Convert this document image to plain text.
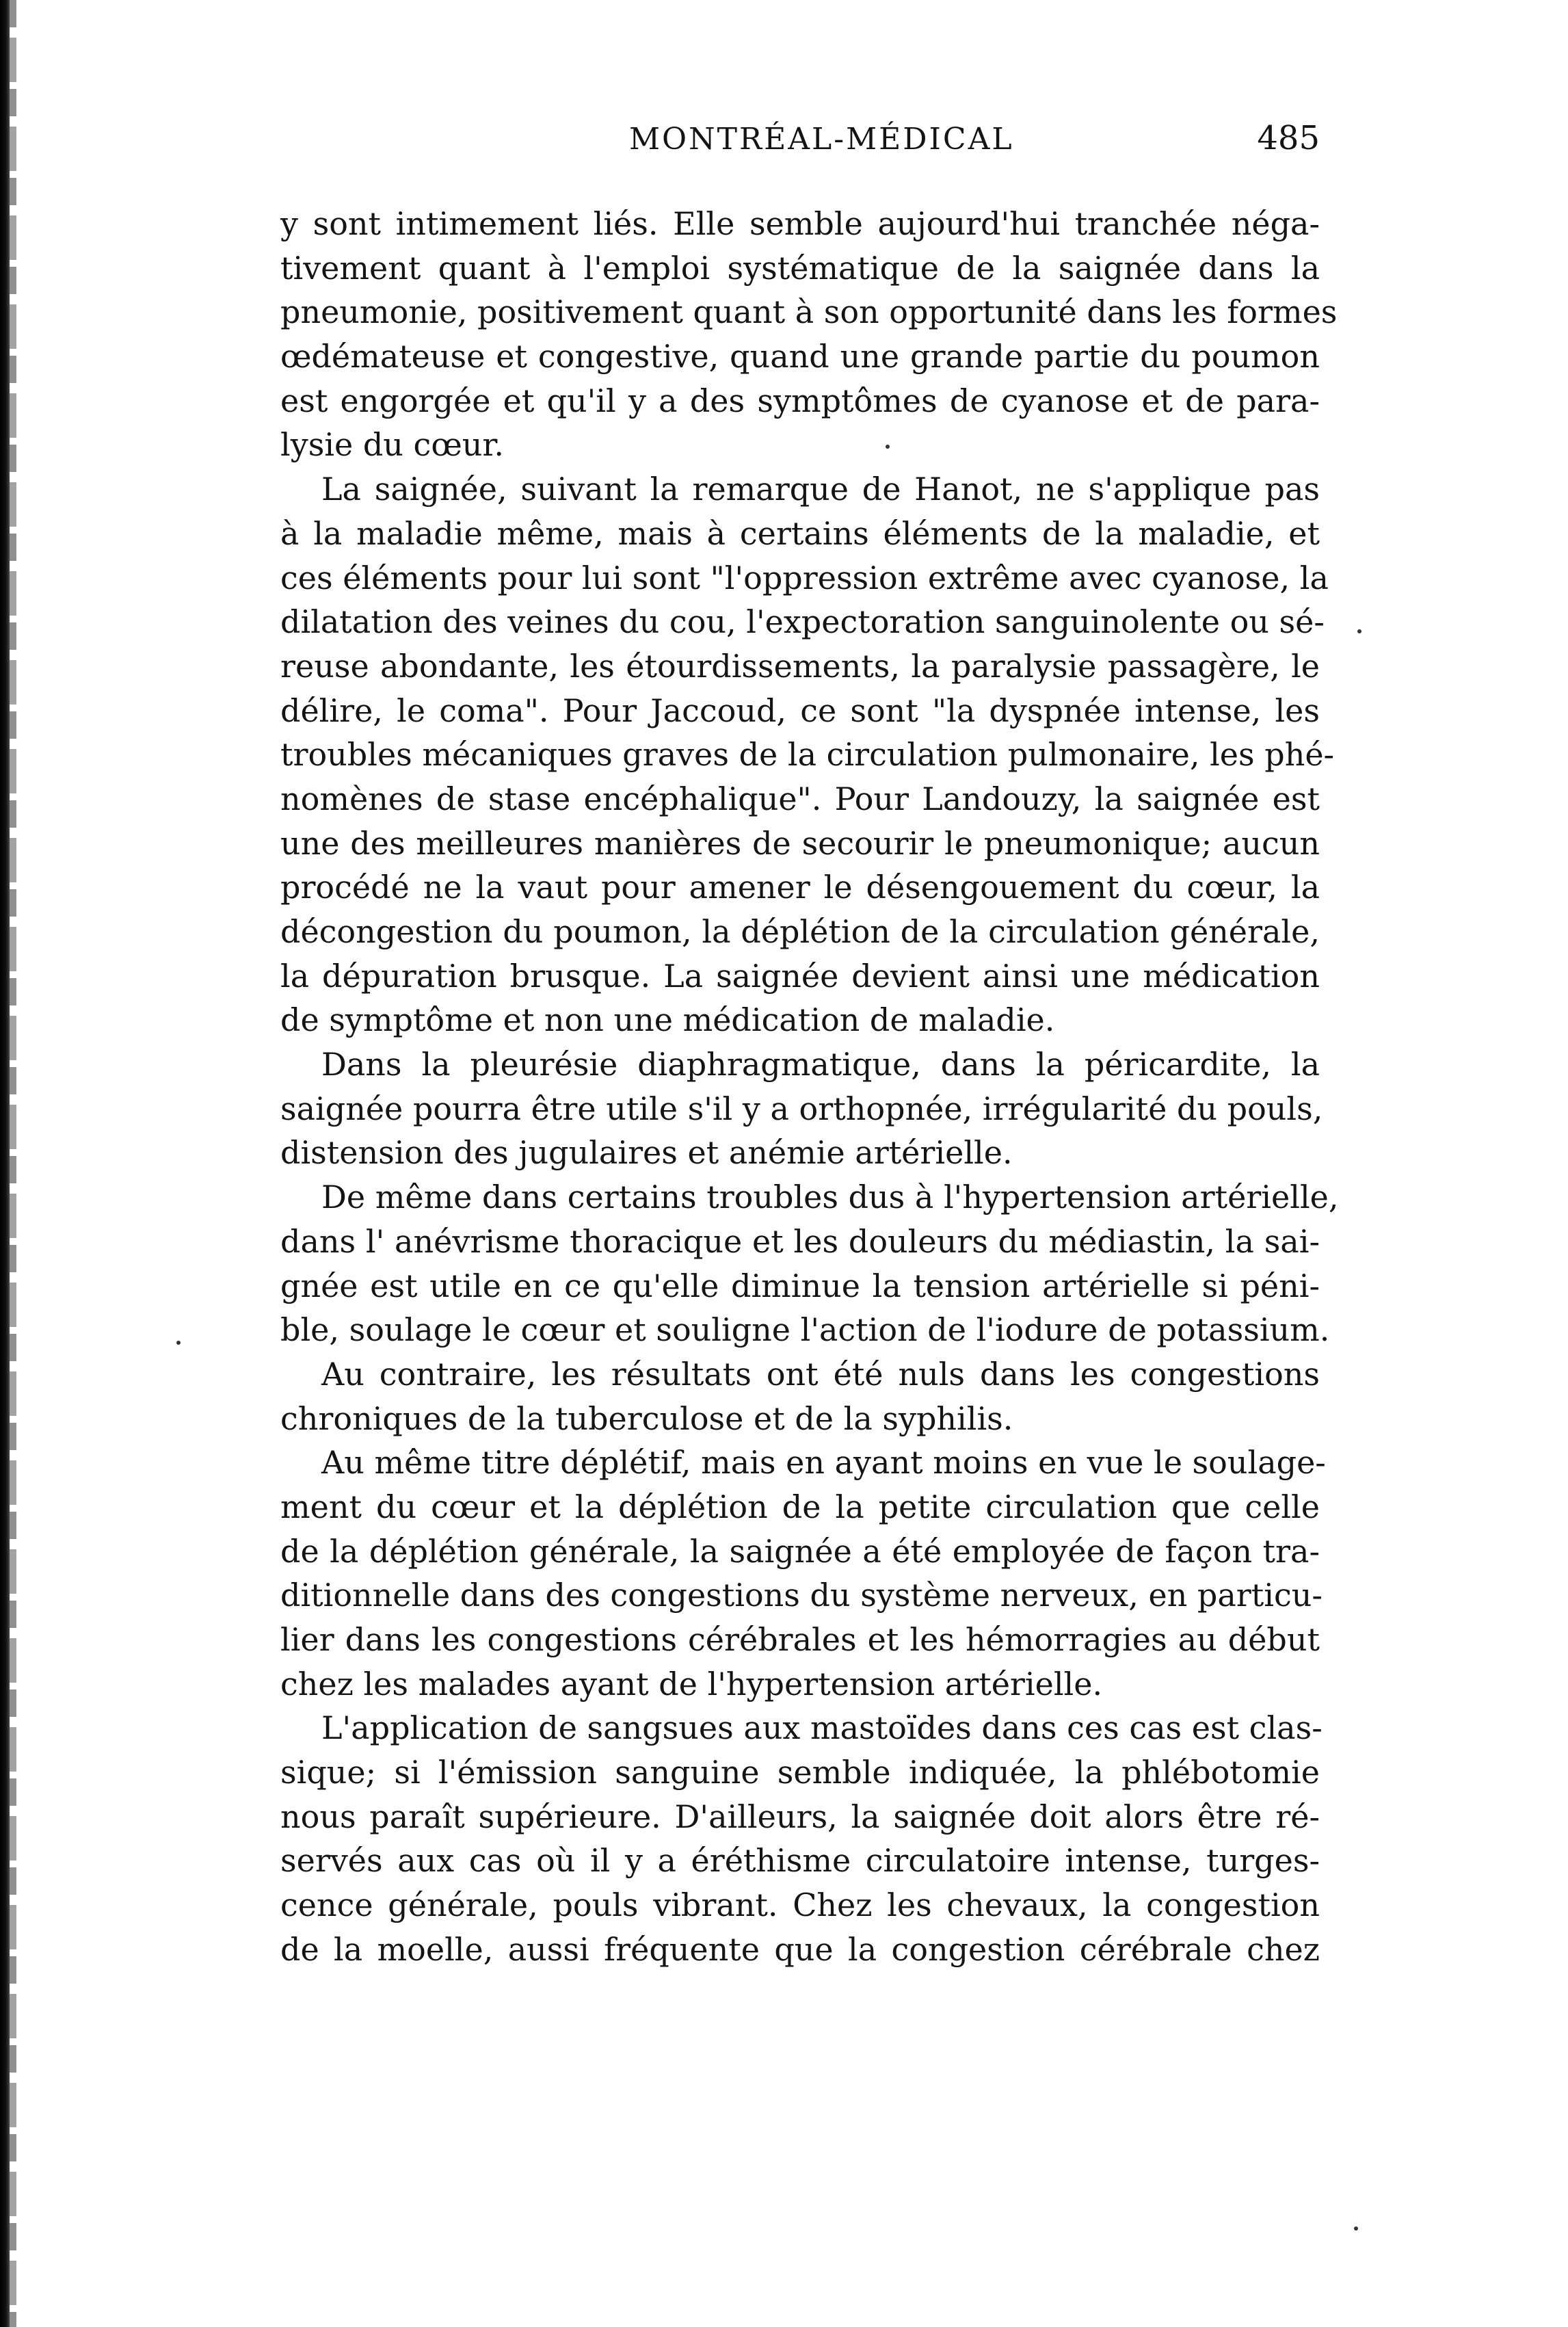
MONTRÉAL-MÉDICAL	485
y sont intimement liés. Elle semble aujourd'hui tranchée néga-
tivement quant à l'emploi systématique de la saignée dans la
pneumonie, positivement quant à son opportunité dans les formes
œdémateuse et congestive, quand une grande partie du poumon
est engorgée et qu'il y a des symptômes de cyanose et de para-
lysie du cœur.
La saignée, suivant la remarque de Hanot, ne s'applique pas
à la maladie même, mais à certains éléments de la maladie, et
ces éléments pour lui sont "l'oppression extrême avec cyanose, la
dilatation des veines du cou, l'expectoration sanguinolente ou sé-
reuse abondante, les étourdissements, la paralysie passagère, le
délire, le coma". Pour Jaccoud, ce sont "la dyspnée intense, les
troubles mécaniques graves de la circulation pulmonaire, les phé-
nomènes de stase encéphalique". Pour Landouzy, la saignée est
une des meilleures manières de secourir le pneumonique; aucun
procédé ne la vaut pour amener le désengouement du cœur, la
décongestion du poumon, la déplétion de la circulation générale,
la dépuration brusque. La saignée devient ainsi une médication
de symptôme et non une médication de maladie.
Dans la pleurésie diaphragmatique, dans la péricardite, la
saignée pourra être utile s'il y a orthopnée, irrégularité du pouls,
distension des jugulaires et anémie artérielle.
De même dans certains troubles dus à l'hypertension artérielle,
dans l' anévrisme thoracique et les douleurs du médiastin, la sai-
gnée est utile en ce qu'elle diminue la tension artérielle si péni-
ble, soulage le cœur et souligne l'action de l'iodure de potassium.
Au contraire, les résultats ont été nuls dans les congestions
chroniques de la tuberculose et de la syphilis.
Au même titre déplétif, mais en ayant moins en vue le soulage-
ment du cœur et la déplétion de la petite circulation que celle
de la déplétion générale, la saignée a été employée de façon tra-
ditionnelle dans des congestions du système nerveux, en particu-
lier dans les congestions cérébrales et les hémorragies au début
chez les malades ayant de l'hypertension artérielle.
L'application de sangsues aux mastoïdes dans ces cas est clas-
sique; si l'émission sanguine semble indiquée, la phlébotomie
nous paraît supérieure. D'ailleurs, la saignée doit alors être ré-
servés aux cas où il y a éréthisme circulatoire intense, turges-
cence générale, pouls vibrant. Chez les chevaux, la congestion
de la moelle, aussi fréquente que la congestion cérébrale chez
